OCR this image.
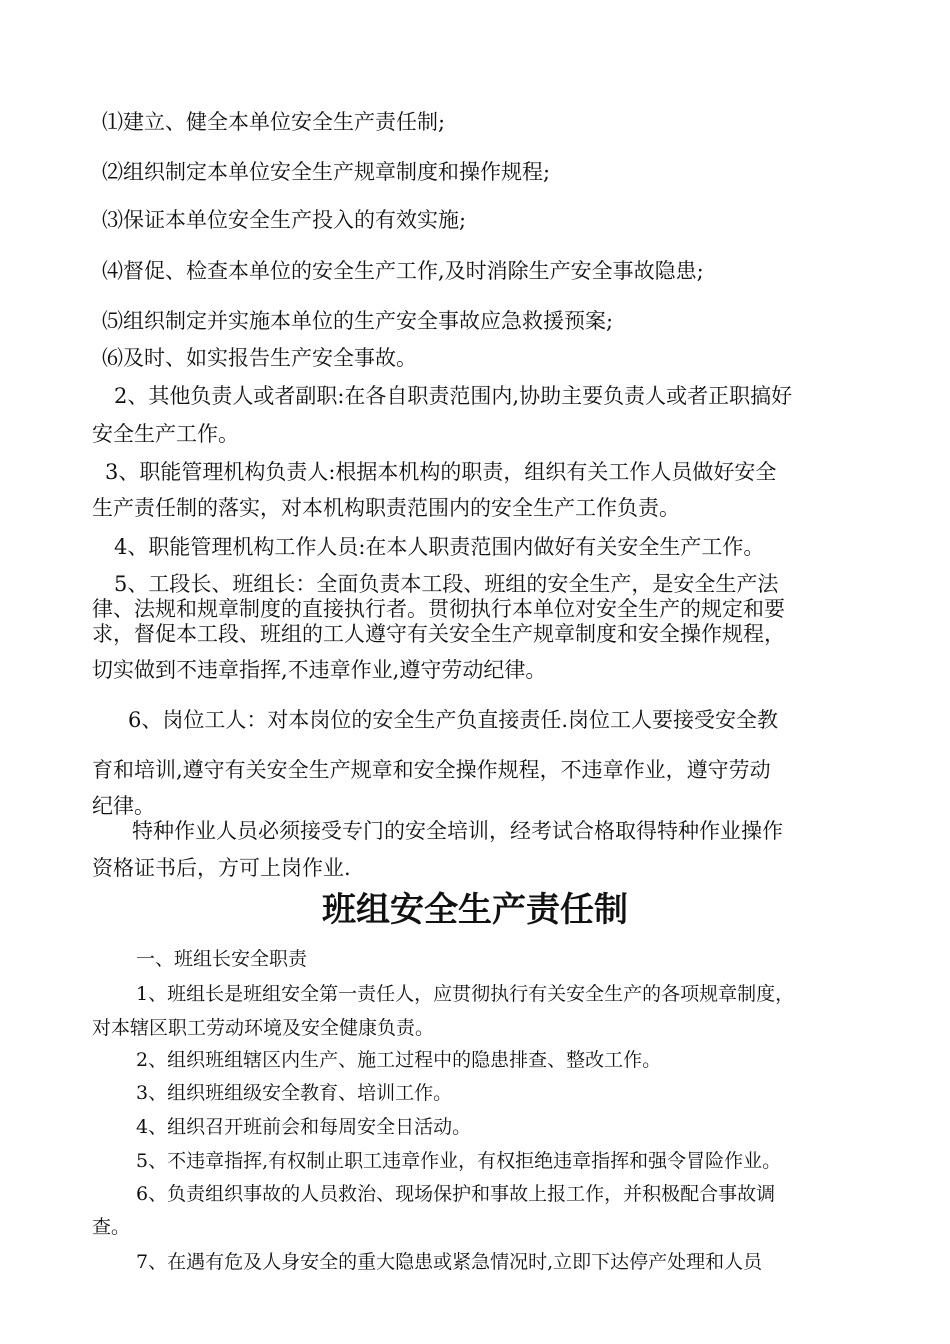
⑴建立、健全本单位安全生产责任制;
⑵组织制定本单位安全生产规章制度和操作规程;
⑶保证本单位安全生产投入的有效实施;
⑷督促、检查本单位的安全生产工作,及时消除生产安全事故隐患;
⑸组织制定并实施本单位的生产安全事故应急救援预案;
⑹及时、如实报告生产安全事故。
2、其他负责人或者副职:在各自职责范围内,协助主要负责人或者正职搞好
安全生产工作。
3、职能管理机构负责人:根据本机构的职责，组织有关工作人员做好安全
生产责任制的落实，对本机构职责范围内的安全生产工作负责。
4、职能管理机构工作人员:在本人职责范围内做好有关安全生产工作。
5、工段长、班组长：全面负责本工段、班组的安全生产，是安全生产法
律、法规和规章制度的直接执行者。贯彻执行本单位对安全生产的规定和要
求，督促本工段、班组的工人遵守有关安全生产规章制度和安全操作规程，
切实做到不违章指挥,不违章作业,遵守劳动纪律。
6、岗位工人：对本岗位的安全生产负直接责任.岗位工人要接受安全教
育和培训,遵守有关安全生产规章和安全操作规程，不违章作业，遵守劳动
纪律。
特种作业人员必须接受专门的安全培训，经考试合格取得特种作业操作
资格证书后，方可上岗作业.
班组安全生产责任制
一、班组长安全职责
1、班组长是班组安全第一责任人，应贯彻执行有关安全生产的各项规章制度，
对本辖区职工劳动环境及安全健康负责。
2、组织班组辖区内生产、施工过程中的隐患排查、整改工作。
3、组织班组级安全教育、培训工作。
4、组织召开班前会和每周安全日活动。
5、不违章指挥,有权制止职工违章作业，有权拒绝违章指挥和强令冒险作业。
6、负责组织事故的人员救治、现场保护和事故上报工作，并积极配合事故调
查。
7、在遇有危及人身安全的重大隐患或紧急情况时,立即下达停产处理和人员
